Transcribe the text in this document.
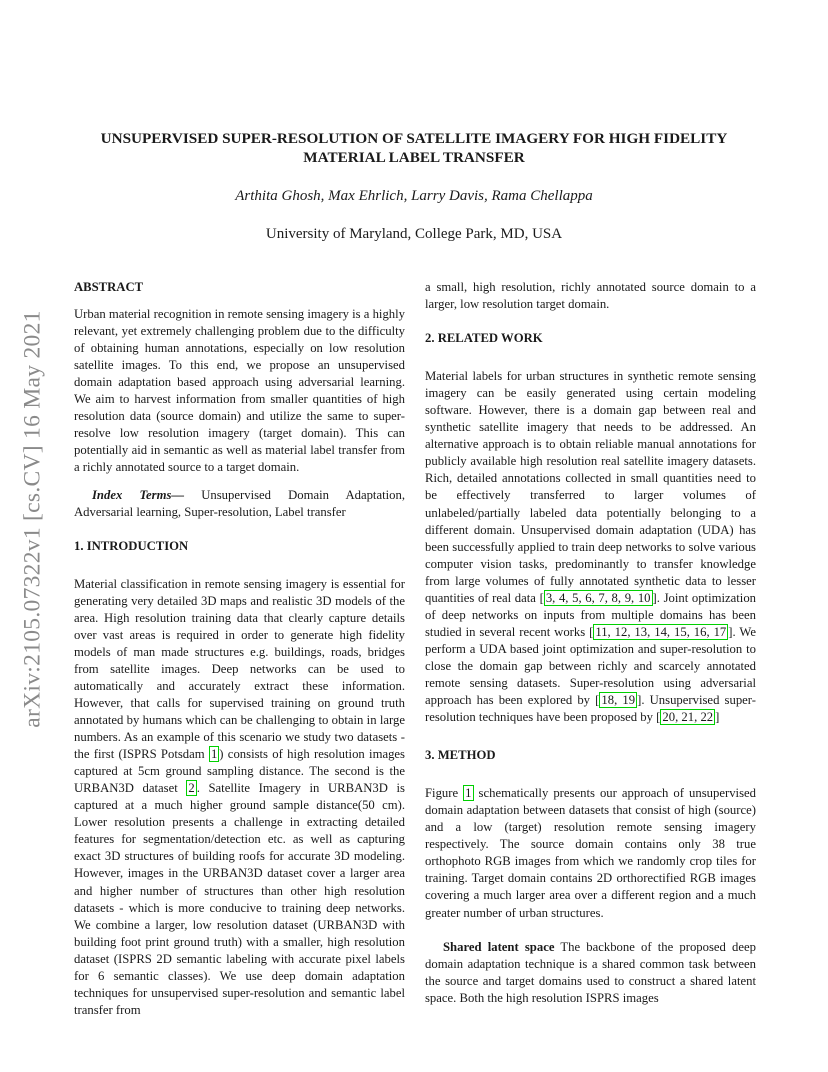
arXiv:2105.07322v1 [cs.CV] 16 May 2021
UNSUPERVISED SUPER-RESOLUTION OF SATELLITE IMAGERY FOR HIGH FIDELITY MATERIAL LABEL TRANSFER
Arthita Ghosh, Max Ehrlich, Larry Davis, Rama Chellappa
University of Maryland, College Park, MD, USA

ABSTRACT

Urban material recognition in remote sensing imagery is a highly relevant, yet extremely challenging problem due to the difficulty of obtaining human annotations, especially on low resolution satellite images. To this end, we propose an unsupervised domain adaptation based approach using adversarial learning. We aim to harvest information from smaller quantities of high resolution data (source domain) and utilize the same to super-resolve low resolution imagery (target domain). This can potentially aid in semantic as well as material label transfer from a richly annotated source to a target domain.

Index Terms— Unsupervised Domain Adaptation, Adversarial learning, Super-resolution, Label transfer

1. INTRODUCTION

Material classification in remote sensing imagery is essential for generating very detailed 3D maps and realistic 3D models of the area. High resolution training data that clearly capture details over vast areas is required in order to generate high fidelity models of man made structures e.g. buildings, roads, bridges from satellite images. Deep networks can be used to automatically and accurately extract these information. However, that calls for supervised training on ground truth annotated by humans which can be challenging to obtain in large numbers. As an example of this scenario we study two datasets - the first (ISPRS Potsdam 1 ) consists of high resolution images captured at 5cm ground sampling distance. The second is the URBAN3D dataset 2 . Satellite Imagery in URBAN3D is captured at a much higher ground sample distance(50 cm). Lower resolution presents a challenge in extracting detailed features for segmentation/detection etc. as well as capturing exact 3D structures of building roofs for accurate 3D modeling. However, images in the URBAN3D dataset cover a larger area and higher number of structures than other high resolution datasets - which is more conducive to training deep networks. We combine a larger, low resolution dataset (URBAN3D with building foot print ground truth) with a smaller, high resolution dataset (ISPRS 2D semantic labeling with accurate pixel labels for 6 semantic classes). We use deep domain adaptation techniques for unsupervised super-resolution and semantic label transfer from

a small, high resolution, richly annotated source domain to a larger, low resolution target domain.

2. RELATED WORK

Material labels for urban structures in synthetic remote sensing imagery can be easily generated using certain modeling software. However, there is a domain gap between real and synthetic satellite imagery that needs to be addressed. An alternative approach is to obtain reliable manual annotations for publicly available high resolution real satellite imagery datasets. Rich, detailed annotations collected in small quantities need to be effectively transferred to larger volumes of unlabeled/partially labeled data potentially belonging to a different domain. Unsupervised domain adaptation (UDA) has been successfully applied to train deep networks to solve various computer vision tasks, predominantly to transfer knowledge from large volumes of fully annotated synthetic data to lesser quantities of real data [ 3, 4, 5, 6, 7, 8, 9, 10 ]. Joint optimization of deep networks on inputs from multiple domains has been studied in several recent works [ 11, 12, 13, 14, 15, 16, 17 ]. We perform a UDA based joint optimization and super-resolution to close the domain gap between richly and scarcely annotated remote sensing datasets. Super-resolution using adversarial approach has been explored by [ 18, 19 ]. Unsupervised super-resolution techniques have been proposed by [ 20, 21, 22 ]

3. METHOD

Figure 1 schematically presents our approach of unsupervised domain adaptation between datasets that consist of high (source) and a low (target) resolution remote sensing imagery respectively. The source domain contains only 38 true orthophoto RGB images from which we randomly crop tiles for training. Target domain contains 2D orthorectified RGB images covering a much larger area over a different region and a much greater number of urban structures.

Shared latent space The backbone of the proposed deep domain adaptation technique is a shared common task between the source and target domains used to construct a shared latent space. Both the high resolution ISPRS images
